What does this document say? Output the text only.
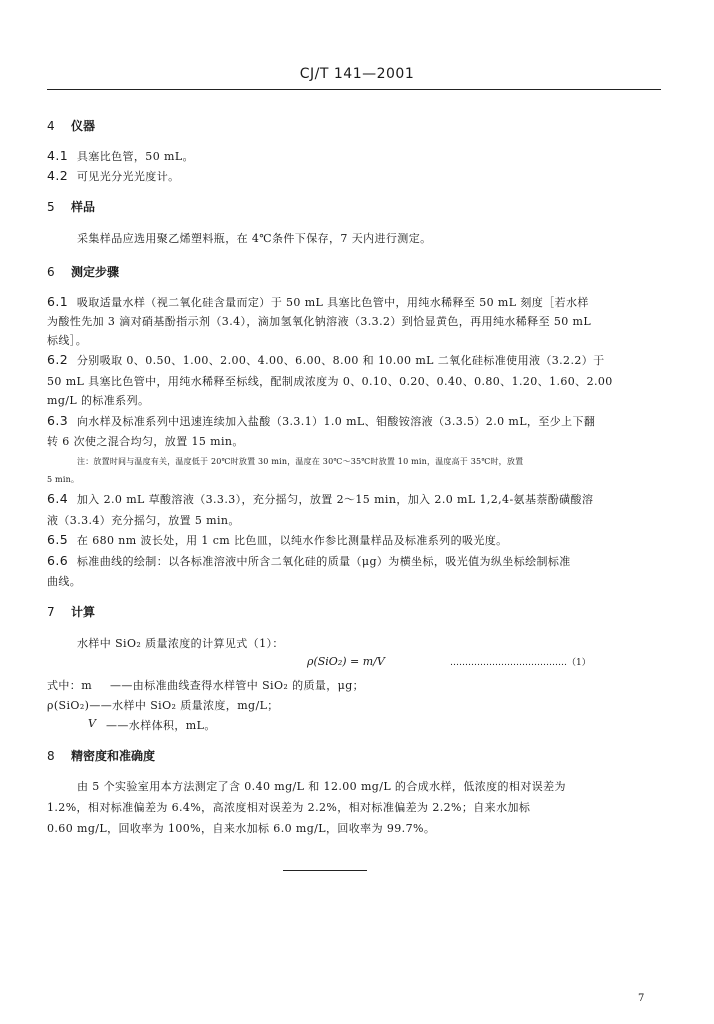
CJ/T 141—2001
4 仪器
4.1 具塞比色管，50 mL。
4.2 可见光分光光度计。
5 样品
采集样品应选用聚乙烯塑料瓶，在 4℃条件下保存，7 天内进行测定。
6 测定步骤
6.1 吸取适量水样（视二氧化硅含量而定）于 50 mL 具塞比色管中，用纯水稀释至 50 mL 刻度［若水样
为酸性先加 3 滴对硝基酚指示剂（3.4），滴加氢氧化钠溶液（3.3.2）到恰显黄色，再用纯水稀释至 50 mL
标线］。
6.2 分别吸取 0、0.50、1.00、2.00、4.00、6.00、8.00 和 10.00 mL 二氧化硅标准使用液（3.2.2）于
50 mL 具塞比色管中，用纯水稀释至标线，配制成浓度为 0、0.10、0.20、0.40、0.80、1.20、1.60、2.00
mg/L 的标准系列。
6.3 向水样及标准系列中迅速连续加入盐酸（3.3.1）1.0 mL、钼酸铵溶液（3.3.5）2.0 mL，至少上下翻
转 6 次使之混合均匀，放置 15 min。
注：放置时间与温度有关，温度低于 20℃时放置 30 min，温度在 30℃～35℃时放置 10 min，温度高于 35℃时，放置
5 min。
6.4 加入 2.0 mL 草酸溶液（3.3.3），充分摇匀，放置 2～15 min，加入 2.0 mL 1,2,4-氨基萘酚磺酸溶
液（3.3.4）充分摇匀，放置 5 min。
6.5 在 680 nm 波长处，用 1 cm 比色皿，以纯水作参比测量样品及标准系列的吸光度。
6.6 标准曲线的绘制：以各标准溶液中所含二氧化硅的质量（μg）为横坐标，吸光值为纵坐标绘制标准
曲线。
7 计算
水样中 SiO₂ 质量浓度的计算见式（1）：
ρ(SiO₂) = m/V	…………………………………（1）
式中：m ——由标准曲线查得水样管中 SiO₂ 的质量，μg；
ρ(SiO₂)——水样中 SiO₂ 质量浓度，mg/L；
V ——水样体积，mL。
8 精密度和准确度
由 5 个实验室用本方法测定了含 0.40 mg/L 和 12.00 mg/L 的合成水样，低浓度的相对误差为
1.2%，相对标准偏差为 6.4%，高浓度相对误差为 2.2%，相对标准偏差为 2.2%；自来水加标
0.60 mg/L，回收率为 100%，自来水加标 6.0 mg/L，回收率为 99.7%。
7
